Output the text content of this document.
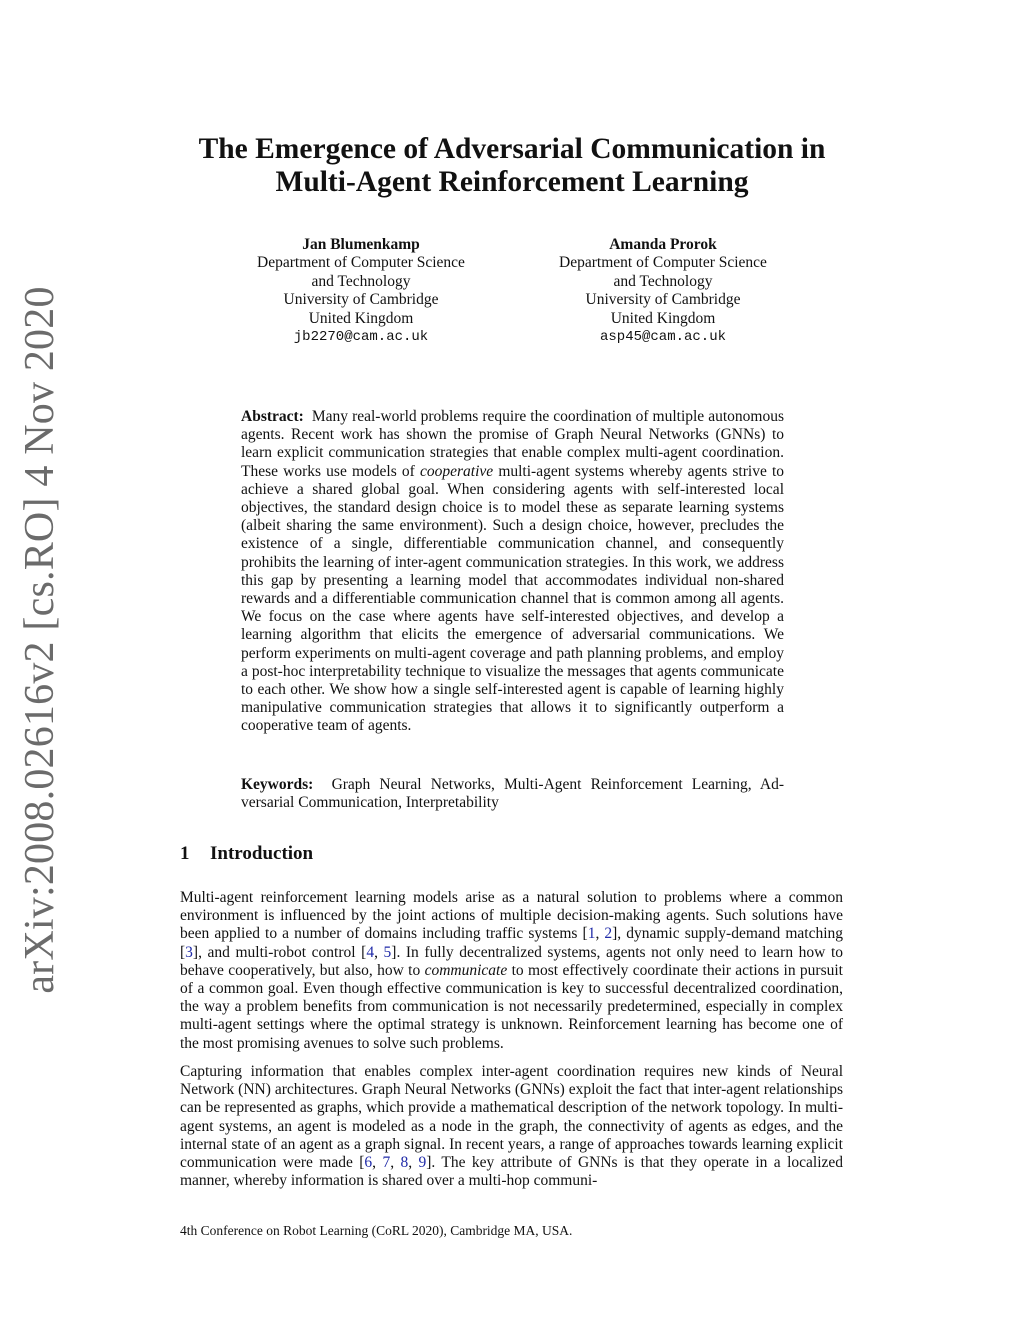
arXiv:2008.02616v2 [cs.RO] 4 Nov 2020
The Emergence of Adversarial Communication in
Multi-Agent Reinforcement Learning
Jan Blumenkamp
Department of Computer Science
and Technology
University of Cambridge
United Kingdom
jb2270@cam.ac.uk
Amanda Prorok
Department of Computer Science
and Technology
University of Cambridge
United Kingdom
asp45@cam.ac.uk

Abstract: Many real-world problems require the coordination of multiple autonomous agents. Recent work has shown the promise of Graph Neural Networks (GNNs) to learn explicit communication strategies that enable complex multi-agent coordination. These works use models of cooperative multi-agent systems whereby agents strive to achieve a shared global goal. When considering agents with self-interested local objectives, the standard design choice is to model these as separate learning systems (albeit sharing the same environment). Such a design choice, however, precludes the existence of a single, differentiable communication channel, and consequently prohibits the learning of inter-agent communication strategies. In this work, we address this gap by presenting a learning model that accommodates individual non-shared rewards and a differentiable communication channel that is common among all agents. We focus on the case where agents have self-interested objectives, and develop a learning algorithm that elicits the emergence of adversarial communications. We perform experiments on multi-agent coverage and path planning problems, and employ a post-hoc interpretability technique to visualize the messages that agents communicate to each other. We show how a single self-interested agent is capable of learning highly manipulative communication strategies that allows it to significantly outperform a cooperative team of agents.

Keywords: Graph Neural Networks, Multi-Agent Reinforcement Learning, Adversarial Communication, Interpretability

1 Introduction

Multi-agent reinforcement learning models arise as a natural solution to problems where a common environment is influenced by the joint actions of multiple decision-making agents. Such solutions have been applied to a number of domains including traffic systems [1, 2], dynamic supply-demand matching [3], and multi-robot control [4, 5]. In fully decentralized systems, agents not only need to learn how to behave cooperatively, but also, how to communicate to most effectively coordinate their actions in pursuit of a common goal. Even though effective communication is key to successful decentralized coordination, the way a problem benefits from communication is not necessarily predetermined, especially in complex multi-agent settings where the optimal strategy is unknown. Reinforcement learning has become one of the most promising avenues to solve such problems.

Capturing information that enables complex inter-agent coordination requires new kinds of Neural Network (NN) architectures. Graph Neural Networks (GNNs) exploit the fact that inter-agent relationships can be represented as graphs, which provide a mathematical description of the network topology. In multi-agent systems, an agent is modeled as a node in the graph, the connectivity of agents as edges, and the internal state of an agent as a graph signal. In recent years, a range of approaches towards learning explicit communication were made [6, 7, 8, 9]. The key attribute of GNNs is that they operate in a localized manner, whereby information is shared over a multi-hop communi-

4th Conference on Robot Learning (CoRL 2020), Cambridge MA, USA.
